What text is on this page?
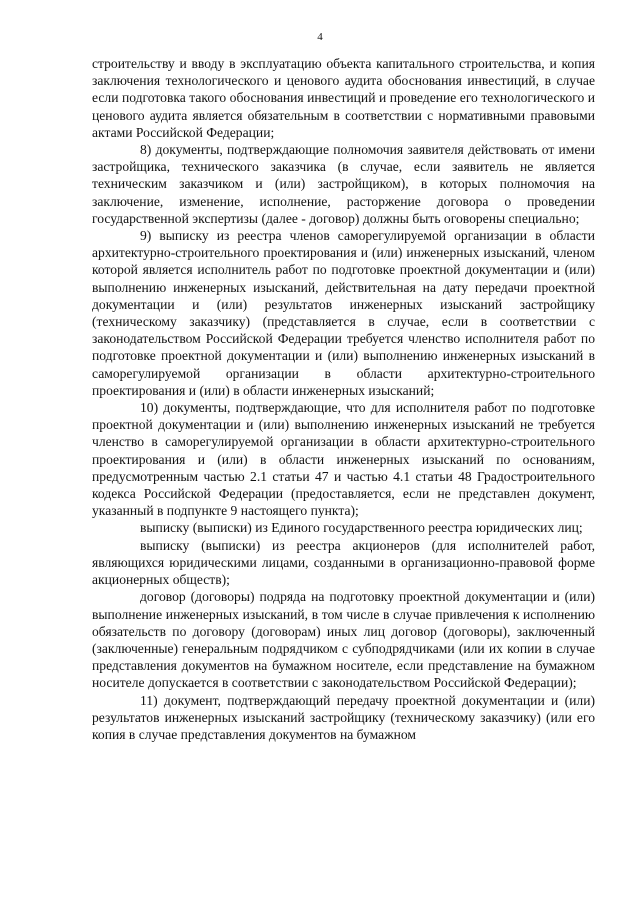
4

строительству и вводу в эксплуатацию объекта капитального строительства, и копия заключения технологического и ценового аудита обоснования инвестиций, в случае если подготовка такого обоснования инвестиций и проведение его технологического и ценового аудита является обязательным в соответствии с нормативными правовыми актами Российской Федерации;

8) документы, подтверждающие полномочия заявителя действовать от имени застройщика, технического заказчика (в случае, если заявитель не является техническим заказчиком и (или) застройщиком), в которых полномочия на заключение, изменение, исполнение, расторжение договора о проведении государственной экспертизы (далее - договор) должны быть оговорены специально;

9) выписку из реестра членов саморегулируемой организации в области архитектурно-строительного проектирования и (или) инженерных изысканий, членом которой является исполнитель работ по подготовке проектной документации и (или) выполнению инженерных изысканий, действительная на дату передачи проектной документации и (или) результатов инженерных изысканий застройщику (техническому заказчику) (представляется в случае, если в соответствии с законодательством Российской Федерации требуется членство исполнителя работ по подготовке проектной документации и (или) выполнению инженерных изысканий в саморегулируемой организации в области архитектурно-строительного проектирования и (или) в области инженерных изысканий;

10) документы, подтверждающие, что для исполнителя работ по подготовке проектной документации и (или) выполнению инженерных изысканий не требуется членство в саморегулируемой организации в области архитектурно-строительного проектирования и (или) в области инженерных изысканий по основаниям, предусмотренным частью 2.1 статьи 47 и частью 4.1 статьи 48 Градостроительного кодекса Российской Федерации (предоставляется, если не представлен документ, указанный в подпункте 9 настоящего пункта);

выписку (выписки) из Единого государственного реестра юридических лиц;

выписку (выписки) из реестра акционеров (для исполнителей работ, являющихся юридическими лицами, созданными в организационно-правовой форме акционерных обществ);

договор (договоры) подряда на подготовку проектной документации и (или) выполнение инженерных изысканий, в том числе в случае привлечения к исполнению обязательств по договору (договорам) иных лиц договор (договоры), заключенный (заключенные) генеральным подрядчиком с субподрядчиками (или их копии в случае представления документов на бумажном носителе, если представление на бумажном носителе допускается в соответствии с законодательством Российской Федерации);

11) документ, подтверждающий передачу проектной документации и (или) результатов инженерных изысканий застройщику (техническому заказчику) (или его копия в случае представления документов на бумажном
